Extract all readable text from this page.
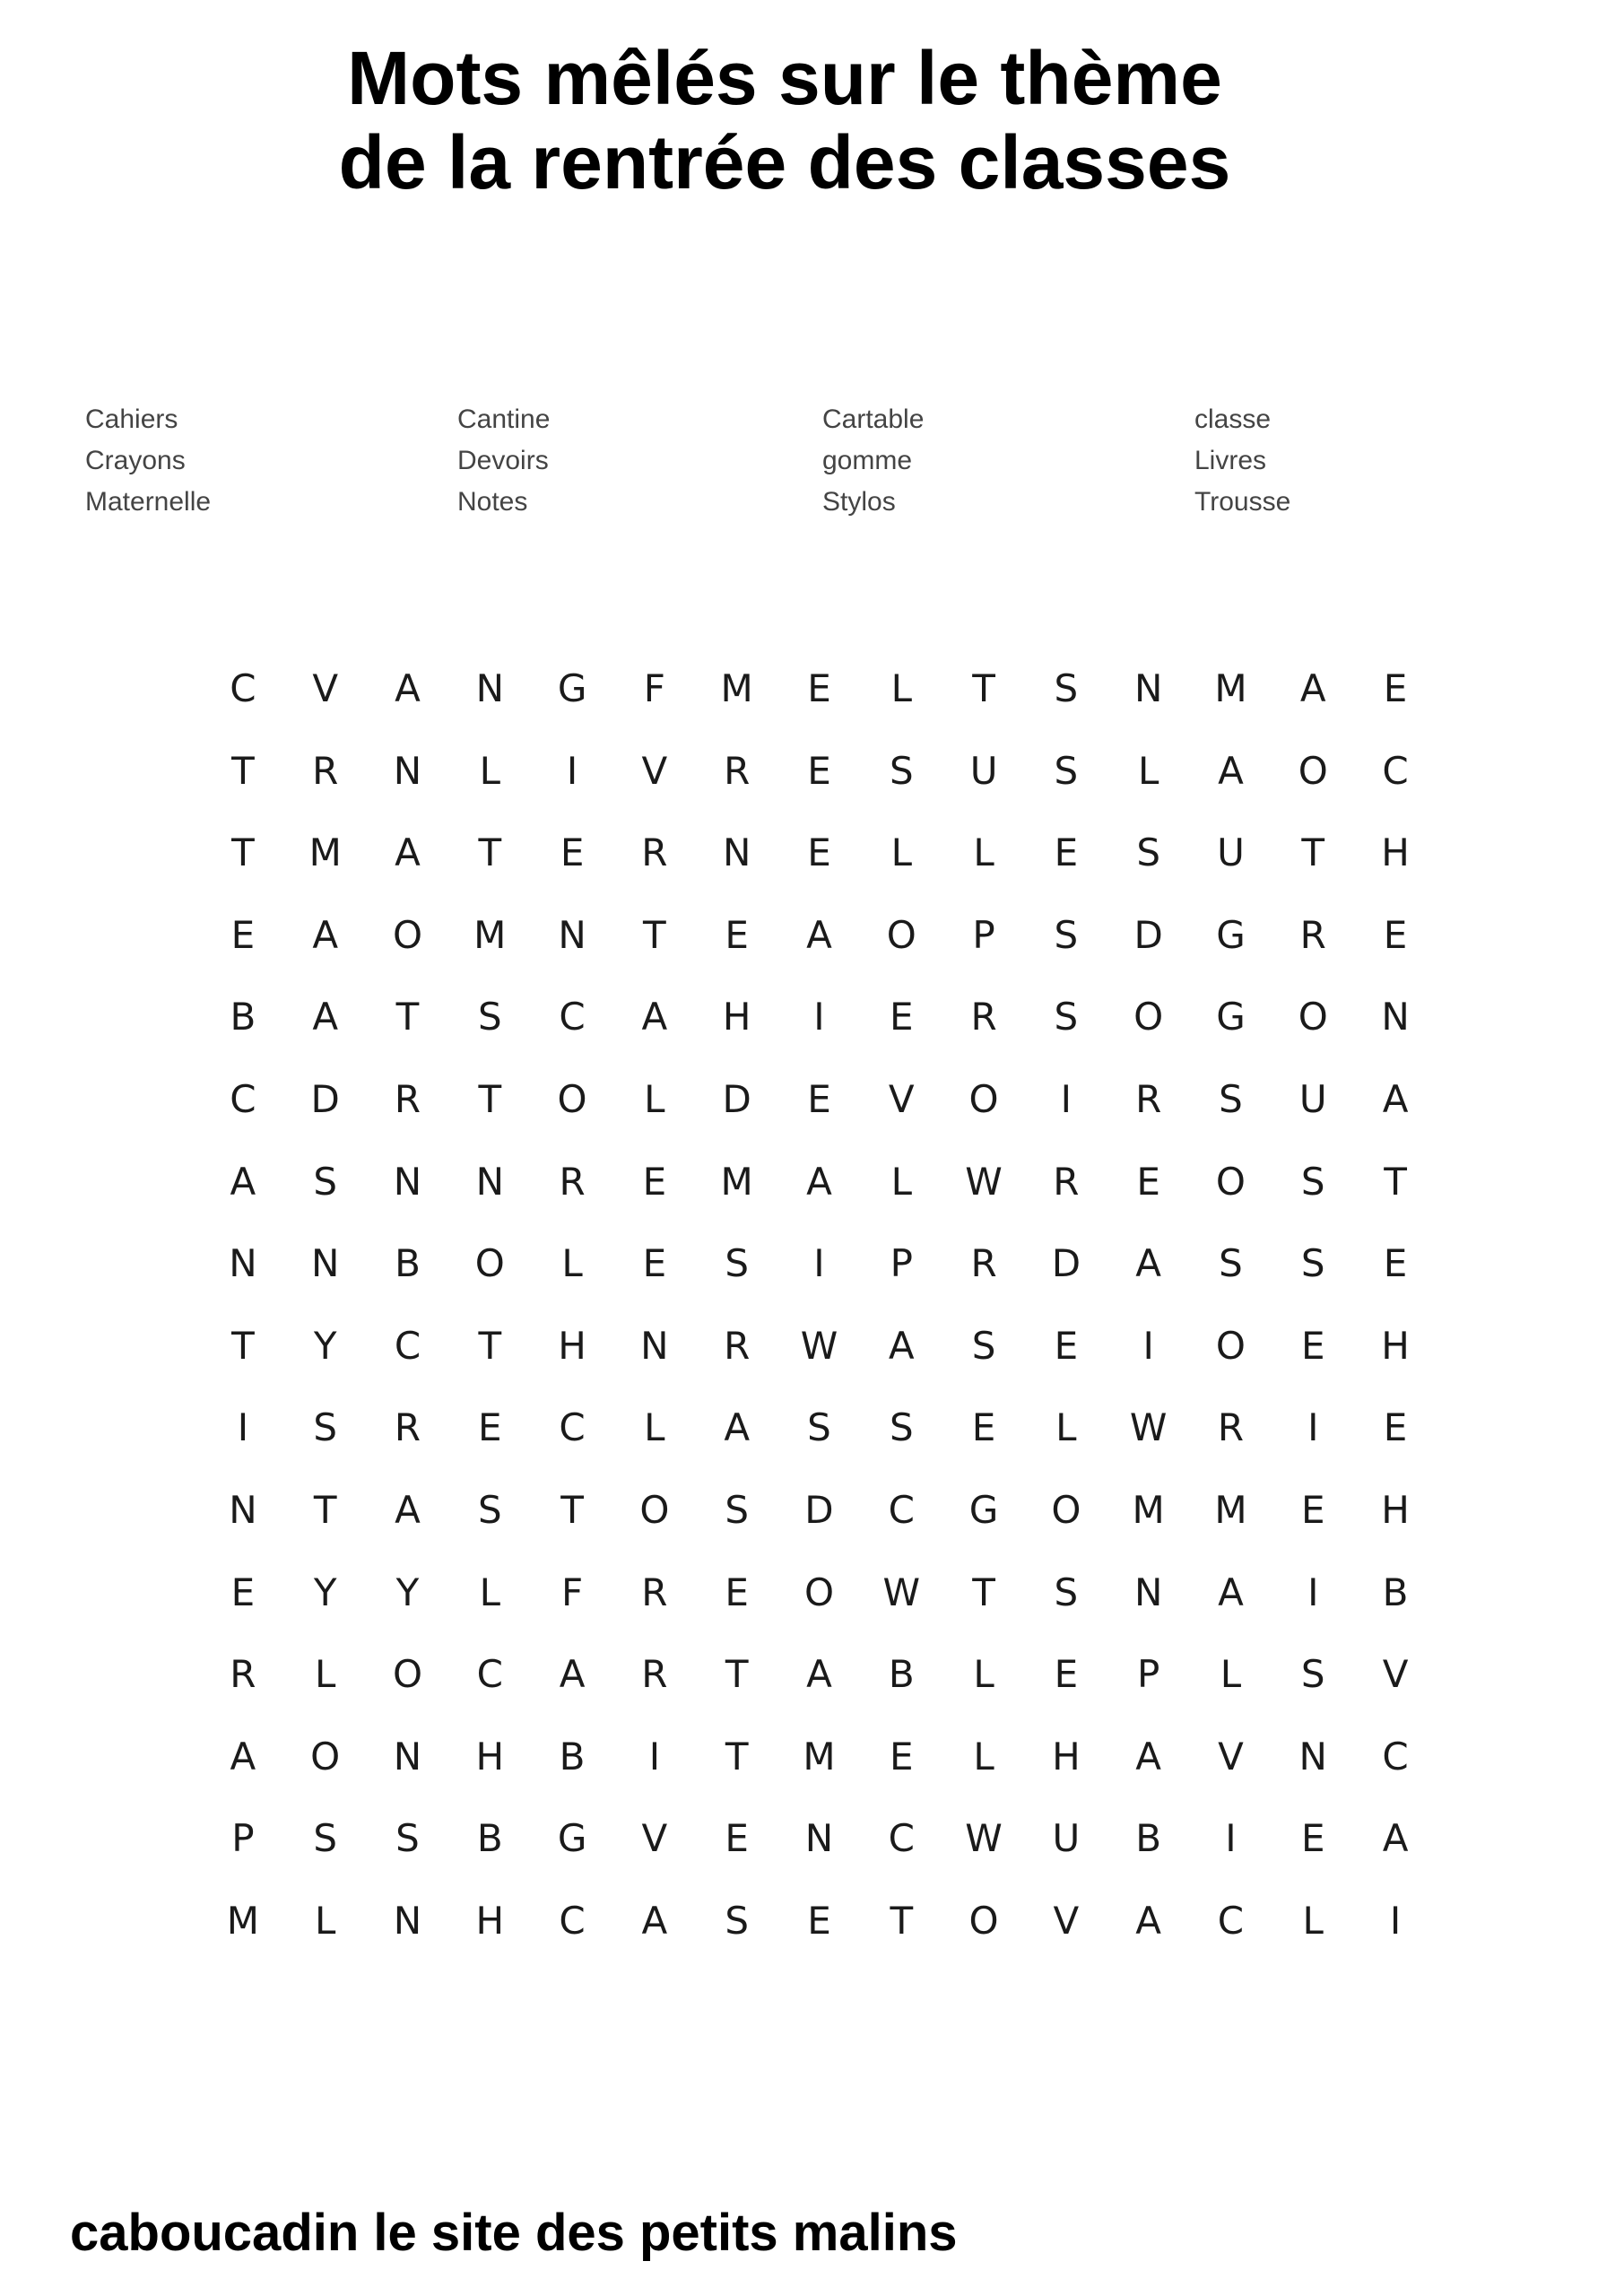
Mots mêlés sur le thème
de la rentrée des classes
Cahiers
Crayons
Maternelle
Cantine
Devoirs
Notes
Cartable
gomme
Stylos
classe
Livres
Trousse
C	V	A	N	G	F	M	E	L	T	S	N	M	A	E
T	R	N	L	I	V	R	E	S	U	S	L	A	O	C
T	M	A	T	E	R	N	E	L	L	E	S	U	T	H
E	A	O	M	N	T	E	A	O	P	S	D	G	R	E
B	A	T	S	C	A	H	I	E	R	S	O	G	O	N
C	D	R	T	O	L	D	E	V	O	I	R	S	U	A
A	S	N	N	R	E	M	A	L	W	R	E	O	S	T
N	N	B	O	L	E	S	I	P	R	D	A	S	S	E
T	Y	C	T	H	N	R	W	A	S	E	I	O	E	H
I	S	R	E	C	L	A	S	S	E	L	W	R	I	E
N	T	A	S	T	O	S	D	C	G	O	M	M	E	H
E	Y	Y	L	F	R	E	O	W	T	S	N	A	I	B
R	L	O	C	A	R	T	A	B	L	E	P	L	S	V
A	O	N	H	B	I	T	M	E	L	H	A	V	N	C
P	S	S	B	G	V	E	N	C	W	U	B	I	E	A
M	L	N	H	C	A	S	E	T	O	V	A	C	L	I
caboucadin le site des petits malins
